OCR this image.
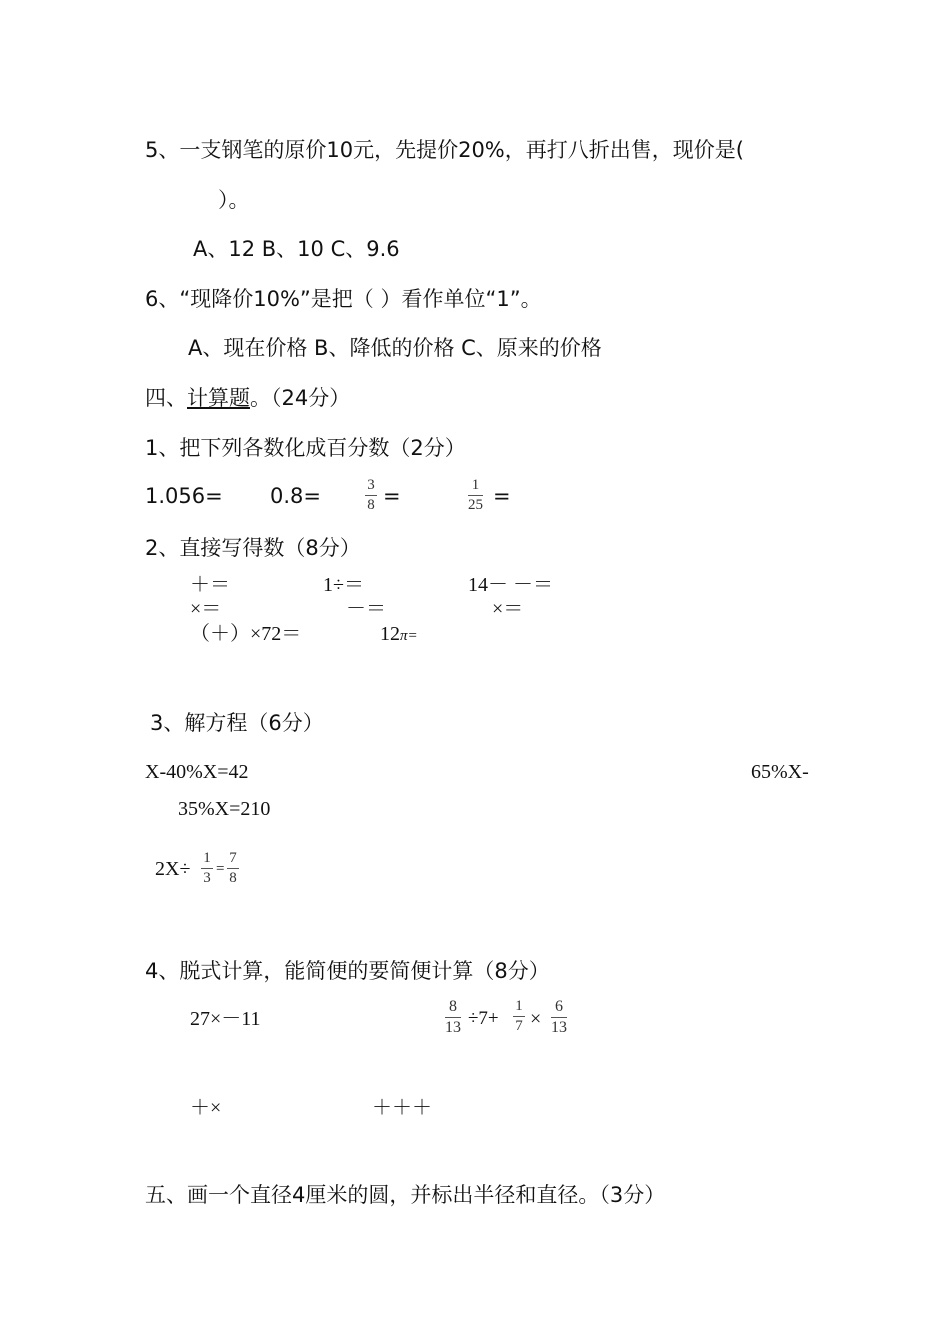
5、一支钢笔的原价10元，先提价20%，再打八折出售，现价是(
）。
A、12 B、10 C、9.6
6、“现降价10%”是把（ ）看作单位“1”。
A、现在价格 B、降低的价格 C、原来的价格
四、计算题。（24分）
1、把下列各数化成百分数（2分）
1.056= 0.8=	3
8 =	1
25 =
2、直接写得数（8分）
＋＝	1÷＝	14－ －＝
×＝	－＝	×＝
（＋）×72＝	12π=
3、解方程（6分）
X-40%X=42	65%X-
35%X=210
2X÷ 1
3
=
7
8
4、脱式计算，能简便的要简便计算（8分）
27×－11
8
13 ÷7+
1
7 ×
6
13
＋×	＋＋＋
五、画一个直径4厘米的圆，并标出半径和直径。（3分）
